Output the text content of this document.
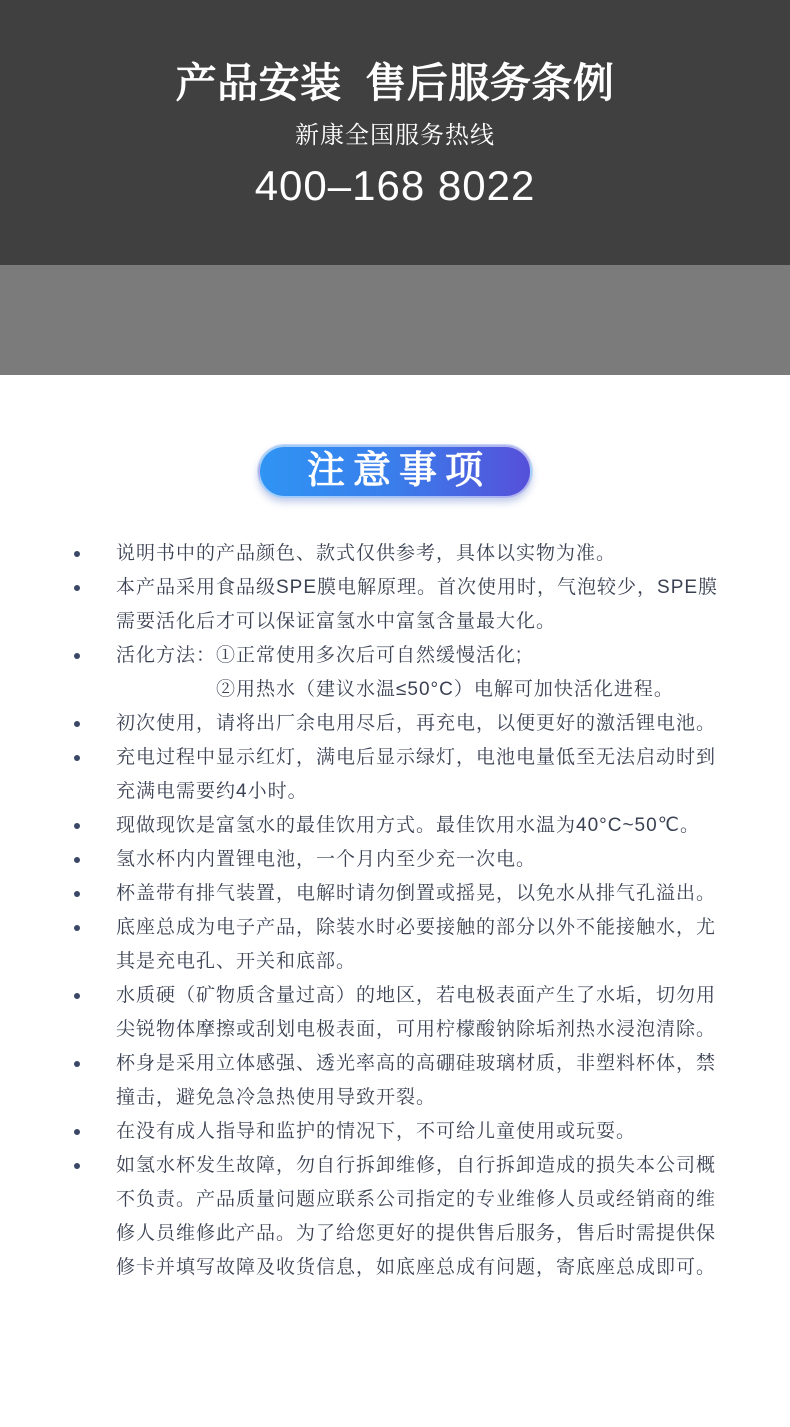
产品安装  售后服务条例
新康全国服务热线
400–168 8022
注意事项
说明书中的产品颜色、款式仅供参考，具体以实物为准。
本产品采用食品级SPE膜电解原理。首次使用时，气泡较少，SPE膜
需要活化后才可以保证富氢水中富氢含量最大化。
活化方法：①正常使用多次后可自然缓慢活化;
②用热水（建议水温≤50°C）电解可加快活化进程。
初次使用，请将出厂余电用尽后，再充电，以便更好的激活锂电池。
充电过程中显示红灯，满电后显示绿灯，电池电量低至无法启动时到
充满电需要约4小时。
现做现饮是富氢水的最佳饮用方式。最佳饮用水温为40°C~50℃。
氢水杯内内置锂电池，一个月内至少充一次电。
杯盖带有排气装置，电解时请勿倒置或摇晃，以免水从排气孔溢出。
底座总成为电子产品，除装水时必要接触的部分以外不能接触水，尤
其是充电孔、开关和底部。
水质硬（矿物质含量过高）的地区，若电极表面产生了水垢，切勿用
尖锐物体摩擦或刮划电极表面，可用柠檬酸钠除垢剂热水浸泡清除。
杯身是采用立体感强、透光率高的高硼硅玻璃材质，非塑料杯体，禁
撞击，避免急冷急热使用导致开裂。
在没有成人指导和监护的情况下，不可给儿童使用或玩耍。
如氢水杯发生故障，勿自行拆卸维修，自行拆卸造成的损失本公司概
不负责。产品质量问题应联系公司指定的专业维修人员或经销商的维
修人员维修此产品。为了给您更好的提供售后服务，售后时需提供保
修卡并填写故障及收货信息，如底座总成有问题，寄底座总成即可。
